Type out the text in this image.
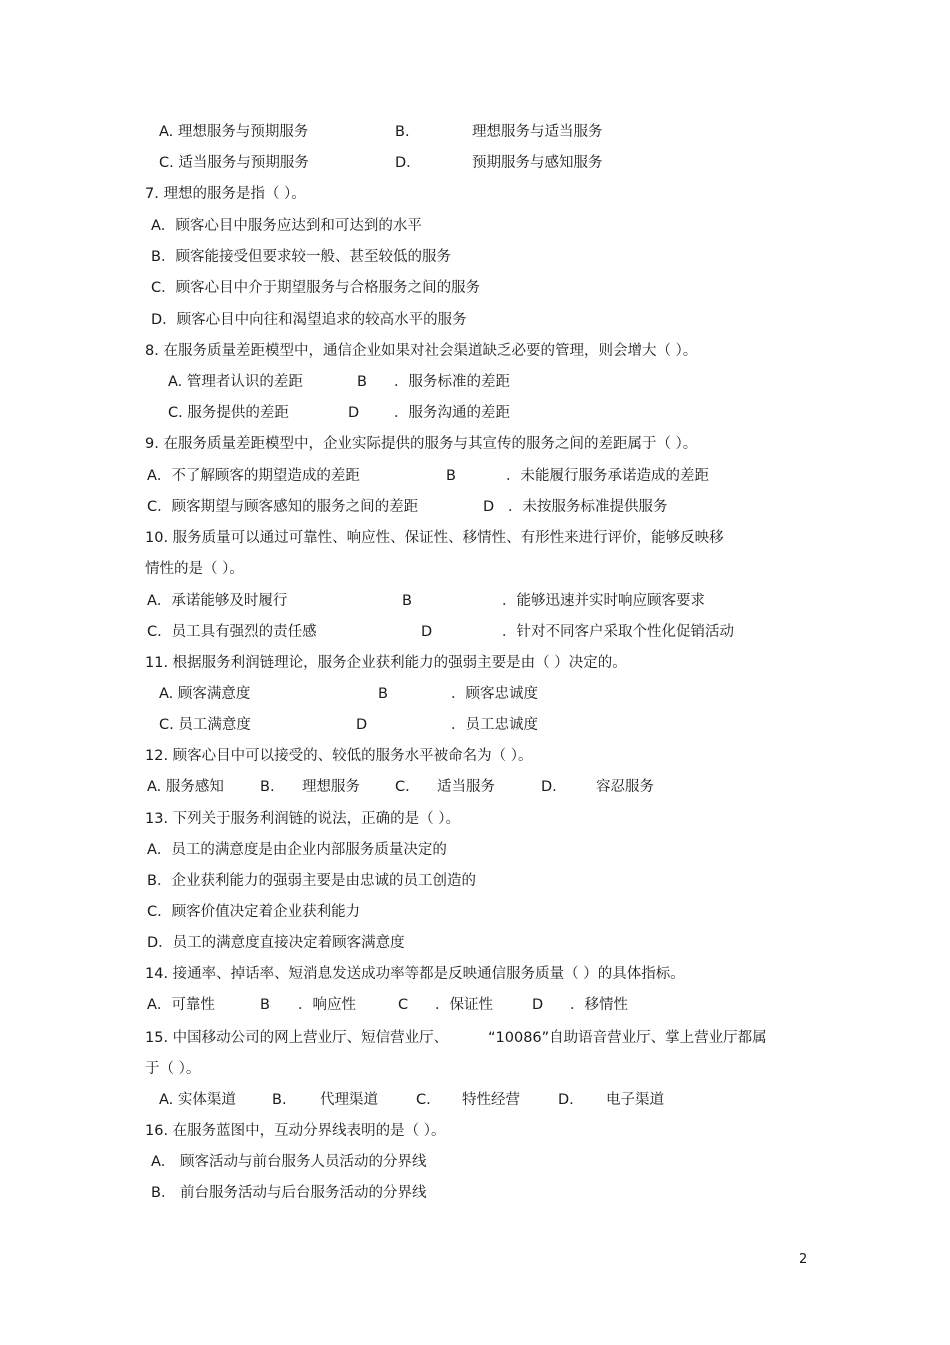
A. 理想服务与预期服务	B.	理想服务与适当服务
C. 适当服务与预期服务	D.	预期服务与感知服务
7. 理想的服务是指（ ）。
A．顾客心目中服务应达到和可达到的水平
B．顾客能接受但要求较一般、甚至较低的服务
C．顾客心目中介于期望服务与合格服务之间的服务
D．顾客心目中向往和渴望追求的较高水平的服务
8. 在服务质量差距模型中，通信企业如果对社会渠道缺乏必要的管理，则会增大（ ）。
A. 管理者认识的差距	B ．服务标准的差距
C. 服务提供的差距	D ．服务沟通的差距
9. 在服务质量差距模型中，企业实际提供的服务与其宣传的服务之间的差距属于（ ）。
A．不了解顾客的期望造成的差距	B	．未能履行服务承诺造成的差距
C．顾客期望与顾客感知的服务之间的差距	D ．未按服务标准提供服务
10. 服务质量可以通过可靠性、响应性、保证性、移情性、有形性来进行评价，能够反映移
情性的是（ ）。
A．承诺能够及时履行	B	．能够迅速并实时响应顾客要求
C．员工具有强烈的责任感	D	．针对不同客户采取个性化促销活动
11. 根据服务利润链理论，服务企业获利能力的强弱主要是由（ ）决定的。
A. 顾客满意度	B	．顾客忠诚度
C. 员工满意度	D	．员工忠诚度
12. 顾客心目中可以接受的、较低的服务水平被命名为（ ）。
A. 服务感知 B. 理想服务 C. 适当服务	D.	容忍服务
13. 下列关于服务利润链的说法，正确的是（ ）。
A．员工的满意度是由企业内部服务质量决定的
B．企业获利能力的强弱主要是由忠诚的员工创造的
C．顾客价值决定着企业获利能力
D．员工的满意度直接决定着顾客满意度
14. 接通率、掉话率、短消息发送成功率等都是反映通信服务质量（ ）的具体指标。
A．可靠性	B ．响应性	C ．保证性	D ．移情性
15. 中国移动公司的网上营业厅、短信营业厅、	“10086”自助语音营业厅、掌上营业厅都属
于（ ）。
A. 实体渠道 B. 代理渠道	C. 特性经营	D. 电子渠道
16. 在服务蓝图中，互动分界线表明的是（ ）。
A． 顾客活动与前台服务人员活动的分界线
B． 前台服务活动与后台服务活动的分界线
2
